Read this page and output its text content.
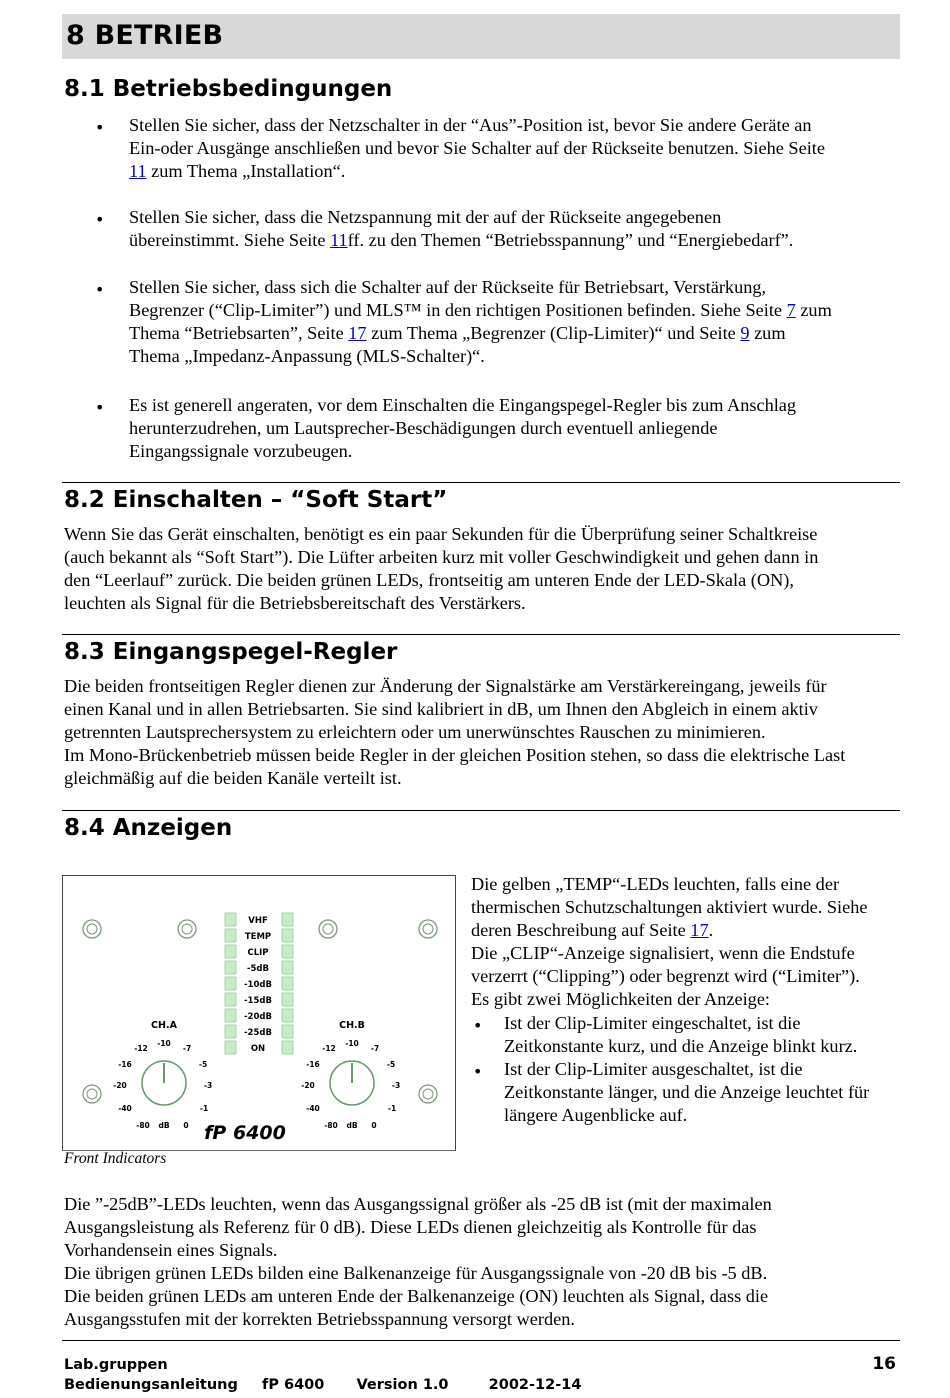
8 BETRIEB
8.1 Betriebsbedingungen
• Stellen Sie sicher, dass der Netzschalter in der “Aus”-Position ist, bevor Sie andere Geräte an
Ein-oder Ausgänge anschließen und bevor Sie Schalter auf der Rückseite benutzen. Siehe Seite
11 zum Thema „Installation“.
• Stellen Sie sicher, dass die Netzspannung mit der auf der Rückseite angegebenen
übereinstimmt. Siehe Seite 11ff. zu den Themen “Betriebsspannung” und “Energiebedarf”.
• Stellen Sie sicher, dass sich die Schalter auf der Rückseite für Betriebsart, Verstärkung,
Begrenzer (“Clip-Limiter”) und MLS™ in den richtigen Positionen befinden. Siehe Seite 7 zum
Thema “Betriebsarten”, Seite 17 zum Thema „Begrenzer (Clip-Limiter)“ und Seite 9 zum
Thema „Impedanz-Anpassung (MLS-Schalter)“.
• Es ist generell angeraten, vor dem Einschalten die Eingangspegel-Regler bis zum Anschlag
herunterzudrehen, um Lautsprecher-Beschädigungen durch eventuell anliegende
Eingangssignale vorzubeugen.
8.2 Einschalten – “Soft Start”
Wenn Sie das Gerät einschalten, benötigt es ein paar Sekunden für die Überprüfung seiner Schaltkreise
(auch bekannt als “Soft Start”). Die Lüfter arbeiten kurz mit voller Geschwindigkeit und gehen dann in
den “Leerlauf” zurück. Die beiden grünen LEDs, frontseitig am unteren Ende der LED-Skala (ON),
leuchten als Signal für die Betriebsbereitschaft des Verstärkers.
8.3 Eingangspegel-Regler
Die beiden frontseitigen Regler dienen zur Änderung der Signalstärke am Verstärkereingang, jeweils für
einen Kanal und in allen Betriebsarten. Sie sind kalibriert in dB, um Ihnen den Abgleich in einem aktiv
getrennten Lautsprechersystem zu erleichtern oder um unerwünschtes Rauschen zu minimieren.
Im Mono-Brückenbetrieb müssen beide Regler in der gleichen Position stehen, so dass die elektrische Last
gleichmäßig auf die beiden Kanäle verteilt ist.
8.4 Anzeigen
VHF
TEMP
CLIP
-5dB
-10dB
-15dB
-20dB
-25dB
ON
CH.A	CH.B
-10
-12	-7
-16	-5
-20	-3
-40	-1
-80 dB 0
-10
-12	-7
-16	-5
-20	-3
-40	-1
-80 dB 0
fP 6400
Front Indicators
Die gelben „TEMP“-LEDs leuchten, falls eine der
thermischen Schutzschaltungen aktiviert wurde. Siehe
deren Beschreibung auf Seite 17.
Die „CLIP“-Anzeige signalisiert, wenn die Endstufe
verzerrt (“Clipping”) oder begrenzt wird (“Limiter”).
Es gibt zwei Möglichkeiten der Anzeige:
• Ist der Clip-Limiter eingeschaltet, ist die
Zeitkonstante kurz, und die Anzeige blinkt kurz.
• Ist der Clip-Limiter ausgeschaltet, ist die
Zeitkonstante länger, und die Anzeige leuchtet für
längere Augenblicke auf.
Die ”-25dB”-LEDs leuchten, wenn das Ausgangssignal größer als -25 dB ist (mit der maximalen
Ausgangsleistung als Referenz für 0 dB). Diese LEDs dienen gleichzeitig als Kontrolle für das
Vorhandensein eines Signals.
Die übrigen grünen LEDs bilden eine Balkenanzeige für Ausgangssignale von -20 dB bis -5 dB.
Die beiden grünen LEDs am unteren Ende der Balkenanzeige (ON) leuchten als Signal, dass die
Ausgangsstufen mit der korrekten Betriebsspannung versorgt werden.
Lab.gruppen
Bedienungsanleitung fP 6400 Version 1.0	2002-12-14
16
